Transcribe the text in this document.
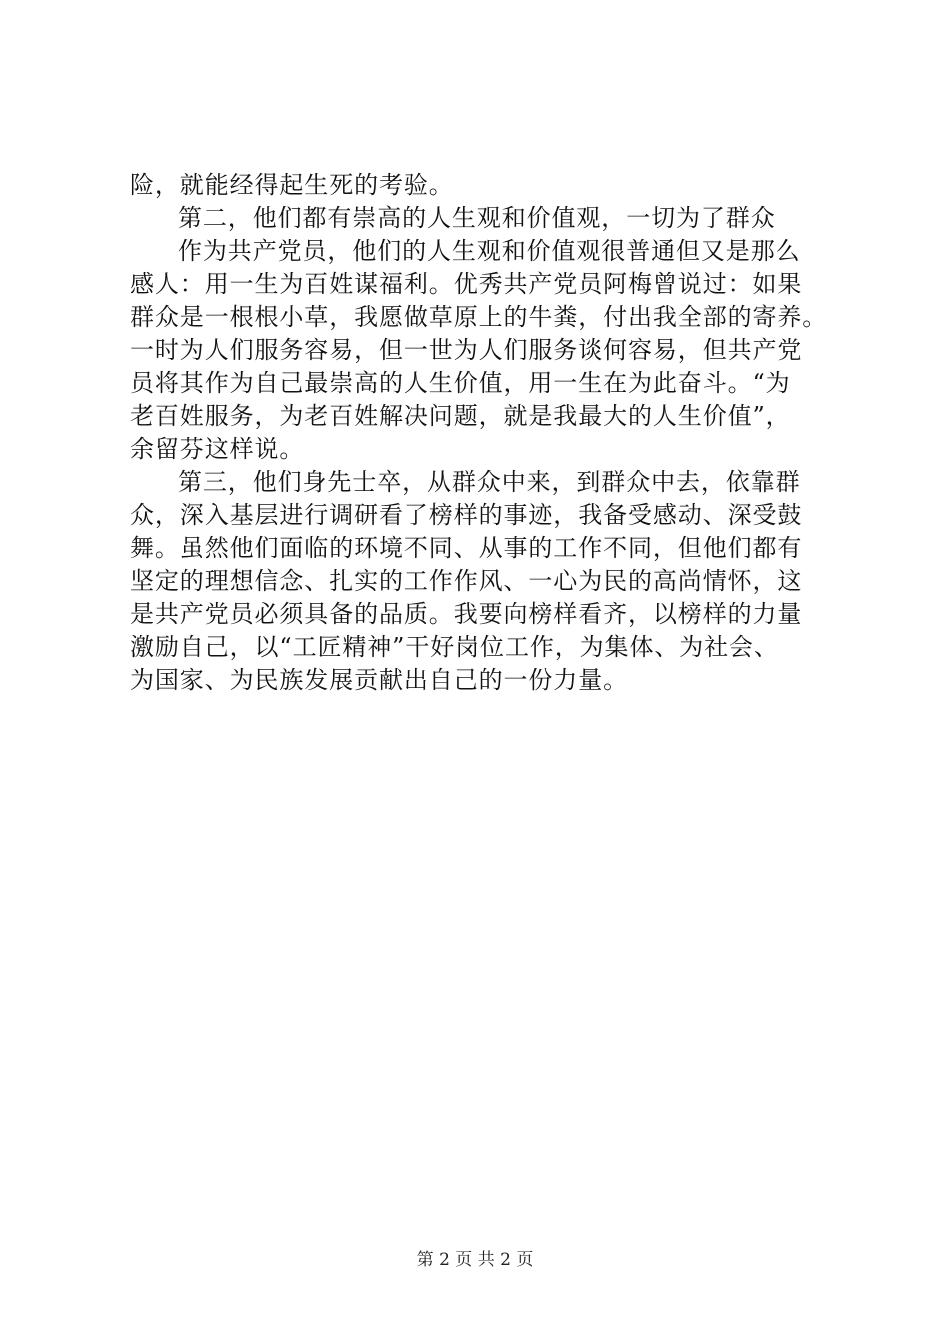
险，就能经得起生死的考验。
第二，他们都有崇高的人生观和价值观，一切为了群众
作为共产党员，他们的人生观和价值观很普通但又是那么
感人：用一生为百姓谋福利。优秀共产党员阿梅曾说过：如果
群众是一根根小草，我愿做草原上的牛粪，付出我全部的寄养。
一时为人们服务容易，但一世为人们服务谈何容易，但共产党
员将其作为自己最崇高的人生价值，用一生在为此奋斗。“为
老百姓服务，为老百姓解决问题，就是我最大的人生价值”，
余留芬这样说。
第三，他们身先士卒，从群众中来，到群众中去，依靠群
众，深入基层进行调研看了榜样的事迹，我备受感动、深受鼓
舞。虽然他们面临的环境不同、从事的工作不同，但他们都有
坚定的理想信念、扎实的工作作风、一心为民的高尚情怀，这
是共产党员必须具备的品质。我要向榜样看齐，以榜样的力量
激励自己，以“工匠精神”干好岗位工作，为集体、为社会、
为国家、为民族发展贡献出自己的一份力量。
第 2 页 共 2 页
